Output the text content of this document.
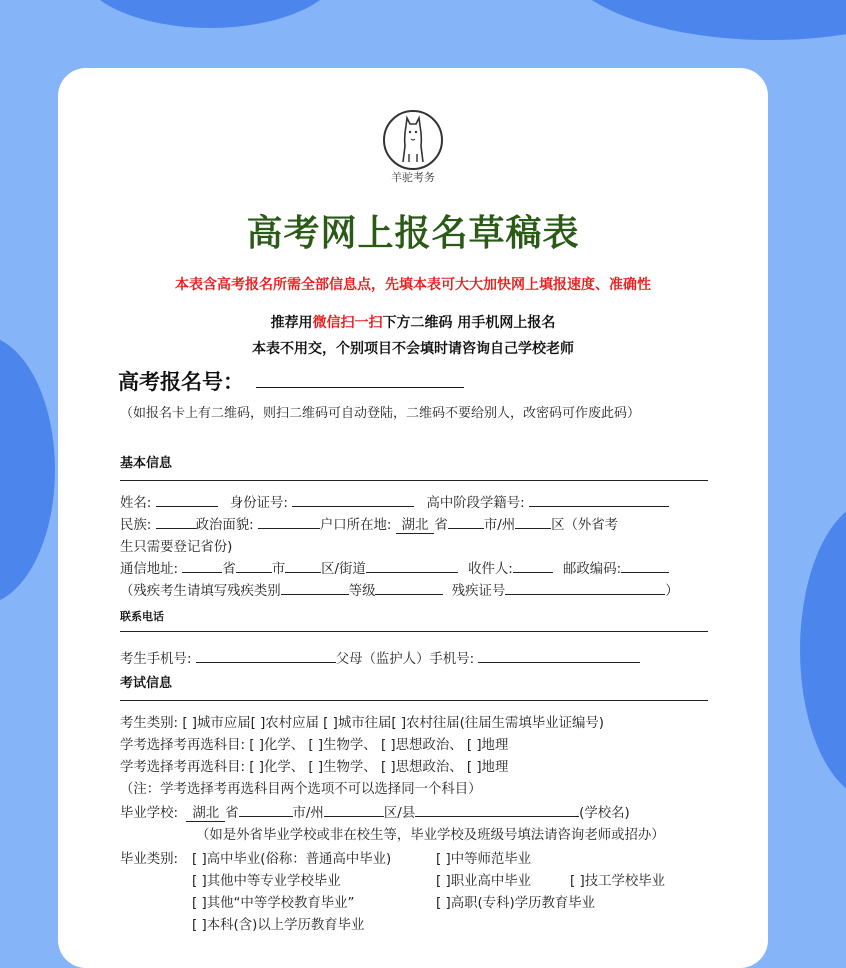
羊驼考务
高考网上报名草稿表
本表含高考报名所需全部信息点，先填本表可大大加快网上填报速度、准确性
推荐用微信扫一扫下方二维码 用手机网上报名
本表不用交，个别项目不会填时请咨询自己学校老师
高考报名号：
（如报名卡上有二维码，则扫二维码可自动登陆，二维码不要给别人，改密码可作废此码）
基本信息
姓名:	身份证号:	高中阶段学籍号:
民族:	政治面貌:	户口所在地: 湖北 省	市/州	区（外省考
生只需要登记省份)
通信地址:	省	市	区/街道	收件人:	邮政编码:
（残疾考生请填写残疾类别	等级	残疾证号	）
联系电话
考生手机号:	父母（监护人）手机号:
考试信息
考生类别: [ ]城市应届[ ]农村应届 [ ]城市往届[ ]农村往届(往届生需填毕业证编号)
学考选择考再选科目: [ ]化学、 [ ]生物学、 [ ]思想政治、 [ ]地理
学考选择考再选科目: [ ]化学、 [ ]生物学、 [ ]思想政治、 [ ]地理
（注：学考选择考再选科目两个选项不可以选择同一个科目）
毕业学校: 湖北 省	市/州	区/县	(学校名)
（如是外省毕业学校或非在校生等，毕业学校及班级号填法请咨询老师或招办）
毕业类别: [ ]高中毕业(俗称：普通高中毕业)	[ ]中等师范毕业
[ ]其他中等专业学校毕业	[ ]职业高中毕业	[ ]技工学校毕业
[ ]其他“中等学校教育毕业”	[ ]高职(专科)学历教育毕业
[ ]本科(含)以上学历教育毕业
